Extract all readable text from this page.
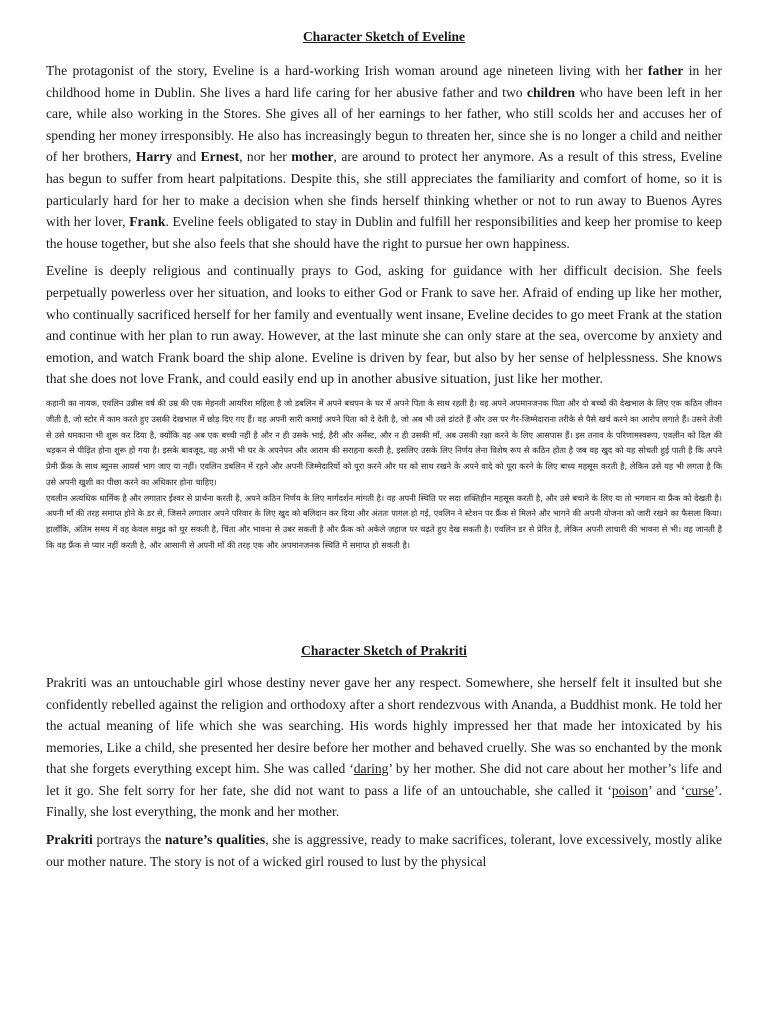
Character Sketch of Eveline

The protagonist of the story, Eveline is a hard-working Irish woman around age nineteen living with her father in her childhood home in Dublin. She lives a hard life caring for her abusive father and two children who have been left in her care, while also working in the Stores. She gives all of her earnings to her father, who still scolds her and accuses her of spending her money irresponsibly. He also has increasingly begun to threaten her, since she is no longer a child and neither of her brothers, Harry and Ernest, nor her mother, are around to protect her anymore. As a result of this stress, Eveline has begun to suffer from heart palpitations. Despite this, she still appreciates the familiarity and comfort of home, so it is particularly hard for her to make a decision when she finds herself thinking whether or not to run away to Buenos Ayres with her lover, Frank. Eveline feels obligated to stay in Dublin and fulfill her responsibilities and keep her promise to keep the house together, but she also feels that she should have the right to pursue her own happiness.

Eveline is deeply religious and continually prays to God, asking for guidance with her difficult decision. She feels perpetually powerless over her situation, and looks to either God or Frank to save her. Afraid of ending up like her mother, who continually sacrificed herself for her family and eventually went insane, Eveline decides to go meet Frank at the station and continue with her plan to run away. However, at the last minute she can only stare at the sea, overcome by anxiety and emotion, and watch Frank board the ship alone. Eveline is driven by fear, but also by her sense of helplessness. She knows that she does not love Frank, and could easily end up in another abusive situation, just like her mother.

कहानी का नायक, एवलिन उन्नीस वर्ष की उम्र की एक मेहनती आयरिश महिला है जो डबलिन में अपने बचपन के घर में अपने पिता के साथ रहती है। वह अपने अपमानजनक पिता और दो बच्चों की देखभाल के लिए एक कठिन जीवन जीती है, जो स्टोर में काम करते हुए उसकी देखभाल में छोड़ दिए गए हैं। वह अपनी सारी कमाई अपने पिता को दे देती है, जो अब भी उसे डांटते हैं और उस पर गैर-जिम्मेदाराना तरीके से पैसे खर्च करने का आरोप लगाते हैं। उसने तेजी से उसे धमकाना भी शुरू कर दिया है, क्योंकि वह अब एक बच्ची नहीं है और न ही उसके भाई, हैरी और अर्नेस्ट, और न ही उसकी माँ, अब उसकी रक्षा करने के लिए आसपास हैं। इस तनाव के परिणामस्वरूप, एवलीन को दिल की धड़कन से पीड़ित होना शुरू हो गया है। इसके बावजूद, वह अभी भी घर के अपनेपन और आराम की सराहना करती है, इसलिए उसके लिए निर्णय लेना विशेष रूप से कठिन होता है जब वह खुद को यह सोचती हुई पाती है कि अपने प्रेमी फ्रैंक के साथ ब्यूनस आयर्स भाग जाए या नहीं। एवलिन डबलिन में रहने और अपनी जिम्मेदारियों को पूरा करने और घर को साथ रखने के अपने वादे को पूरा करने के लिए बाध्य महसूस करती है, लेकिन उसे यह भी लगता है कि उसे अपनी खुशी का पीछा करने का अधिकार होना चाहिए।

एवलीन अत्यधिक धार्मिक है और लगातार ईश्वर से प्रार्थना करती है, अपने कठिन निर्णय के लिए मार्गदर्शन मांगती है। वह अपनी स्थिति पर सदा शक्तिहीन महसूस करती है, और उसे बचाने के लिए या तो भगवान या फ्रैंक को देखती है। अपनी माँ की तरह समाप्त होने के डर से, जिसने लगातार अपने परिवार के लिए खुद को बलिदान कर दिया और अंततः पागल हो गई, एवलिन ने स्टेशन पर फ्रैंक से मिलने और भागने की अपनी योजना को जारी रखने का फैसला किया। हालाँकि, अंतिम समय में वह केवल समुद्र को घूर सकती है, चिंता और भावना से उबर सकती है और फ्रैंक को अकेले जहाज पर चढ़ते हुए देख सकती है। एवलिन डर से प्रेरित है, लेकिन अपनी लाचारी की भावना से भी। वह जानती है कि वह फ्रैंक से प्यार नहीं करती है, और आसानी से अपनी माँ की तरह एक और अपमानजनक स्थिति में समाप्त हो सकती है।

Character Sketch of Prakriti

Prakriti was an untouchable girl whose destiny never gave her any respect. Somewhere, she herself felt it insulted but she confidently rebelled against the religion and orthodoxy after a short rendezvous with Ananda, a Buddhist monk. He told her the actual meaning of life which she was searching. His words highly impressed her that made her intoxicated by his memories, Like a child, she presented her desire before her mother and behaved cruelly. She was so enchanted by the monk that she forgets everything except him. She was called ‘daring’ by her mother. She did not care about her mother’s life and let it go. She felt sorry for her fate, she did not want to pass a life of an untouchable, she called it ‘poison’ and ‘curse’. Finally, she lost everything, the monk and her mother.

Prakriti portrays the nature’s qualities, she is aggressive, ready to make sacrifices, tolerant, love excessively, mostly alike our mother nature. The story is not of a wicked girl roused to lust by the physical
